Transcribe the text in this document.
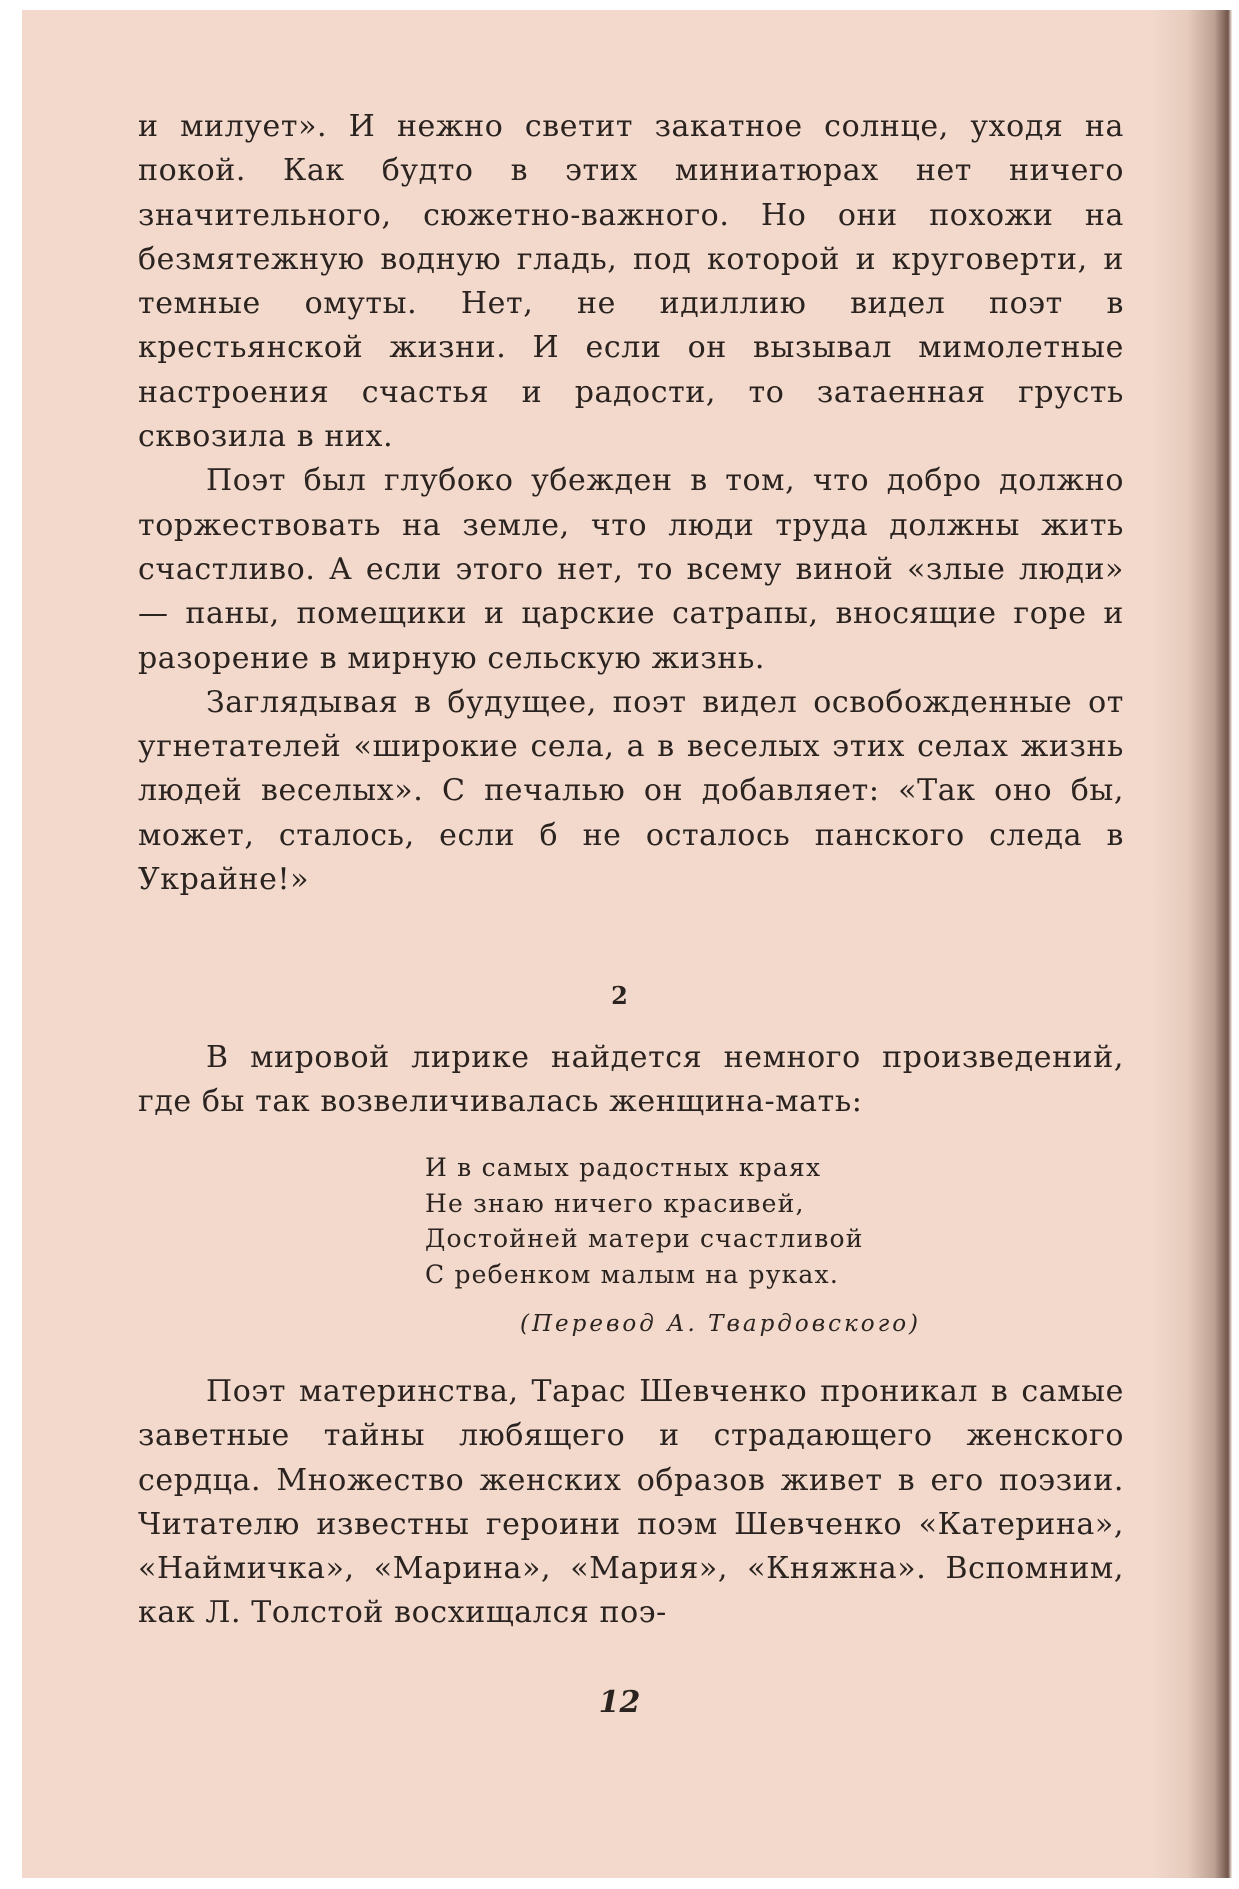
и милует». И нежно светит закатное солнце, уходя на покой. Как будто в этих миниатюрах нет ничего значительного, сюжетно-важного. Но они похожи на безмятежную водную гладь, под которой и круговерти, и темные омуты. Нет, не идиллию видел поэт в крестьянской жизни. И если он вызывал мимолетные настроения счастья и радости, то затаенная грусть сквозила в них.

Поэт был глубоко убежден в том, что добро должно торжествовать на земле, что люди труда должны жить счастливо. А если этого нет, то всему виной «злые люди» — паны, помещики и царские сатрапы, вносящие горе и разорение в мирную сельскую жизнь.

Заглядывая в будущее, поэт видел освобожденные от угнетателей «широкие села, а в веселых этих селах жизнь людей веселых». С печалью он добавляет: «Так оно бы, может, сталось, если б не осталось панского следа в Украйне!»

2

В мировой лирике найдется немного произведений, где бы так возвеличивалась женщина-мать:

И в самых радостных краях
Не знаю ничего красивей,
Достойней матери счастливой
С ребенком малым на руках.
(Перевод А. Твардовского)

Поэт материнства, Тарас Шевченко проникал в самые заветные тайны любящего и страдающего женского сердца. Множество женских образов живет в его поэзии. Читателю известны героини поэм Шевченко «Катерина», «Наймичка», «Марина», «Мария», «Княжна». Вспомним, как Л. Толстой восхищался поэ-

12
